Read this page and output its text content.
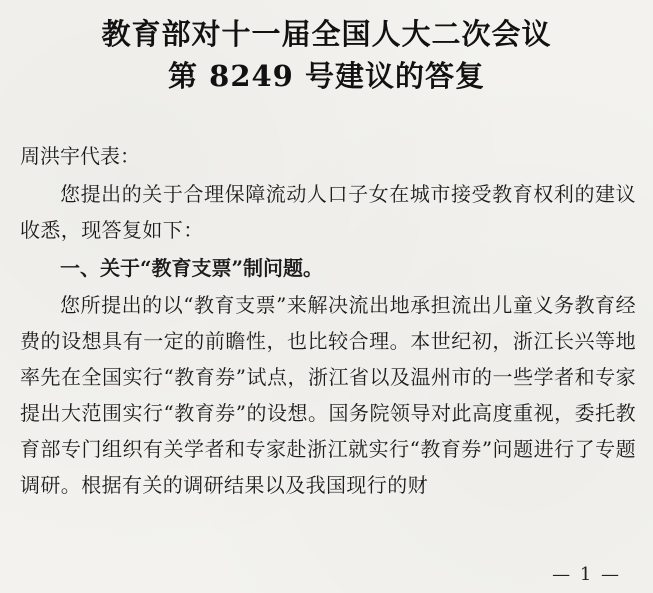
教育部对十一届全国人大二次会议
第 8249 号建议的答复
周洪宇代表：
您提出的关于合理保障流动人口子女在城市接受教育权利的建议收悉，现答复如下：
一、关于“教育支票”制问题。
您所提出的以“教育支票”来解决流出地承担流出儿童义务教育经费的设想具有一定的前瞻性，也比较合理。本世纪初，浙江长兴等地率先在全国实行“教育券”试点，浙江省以及温州市的一些学者和专家提出大范围实行“教育券”的设想。国务院领导对此高度重视，委托教育部专门组织有关学者和专家赴浙江就实行“教育券”问题进行了专题调研。根据有关的调研结果以及我国现行的财
— 1 —
